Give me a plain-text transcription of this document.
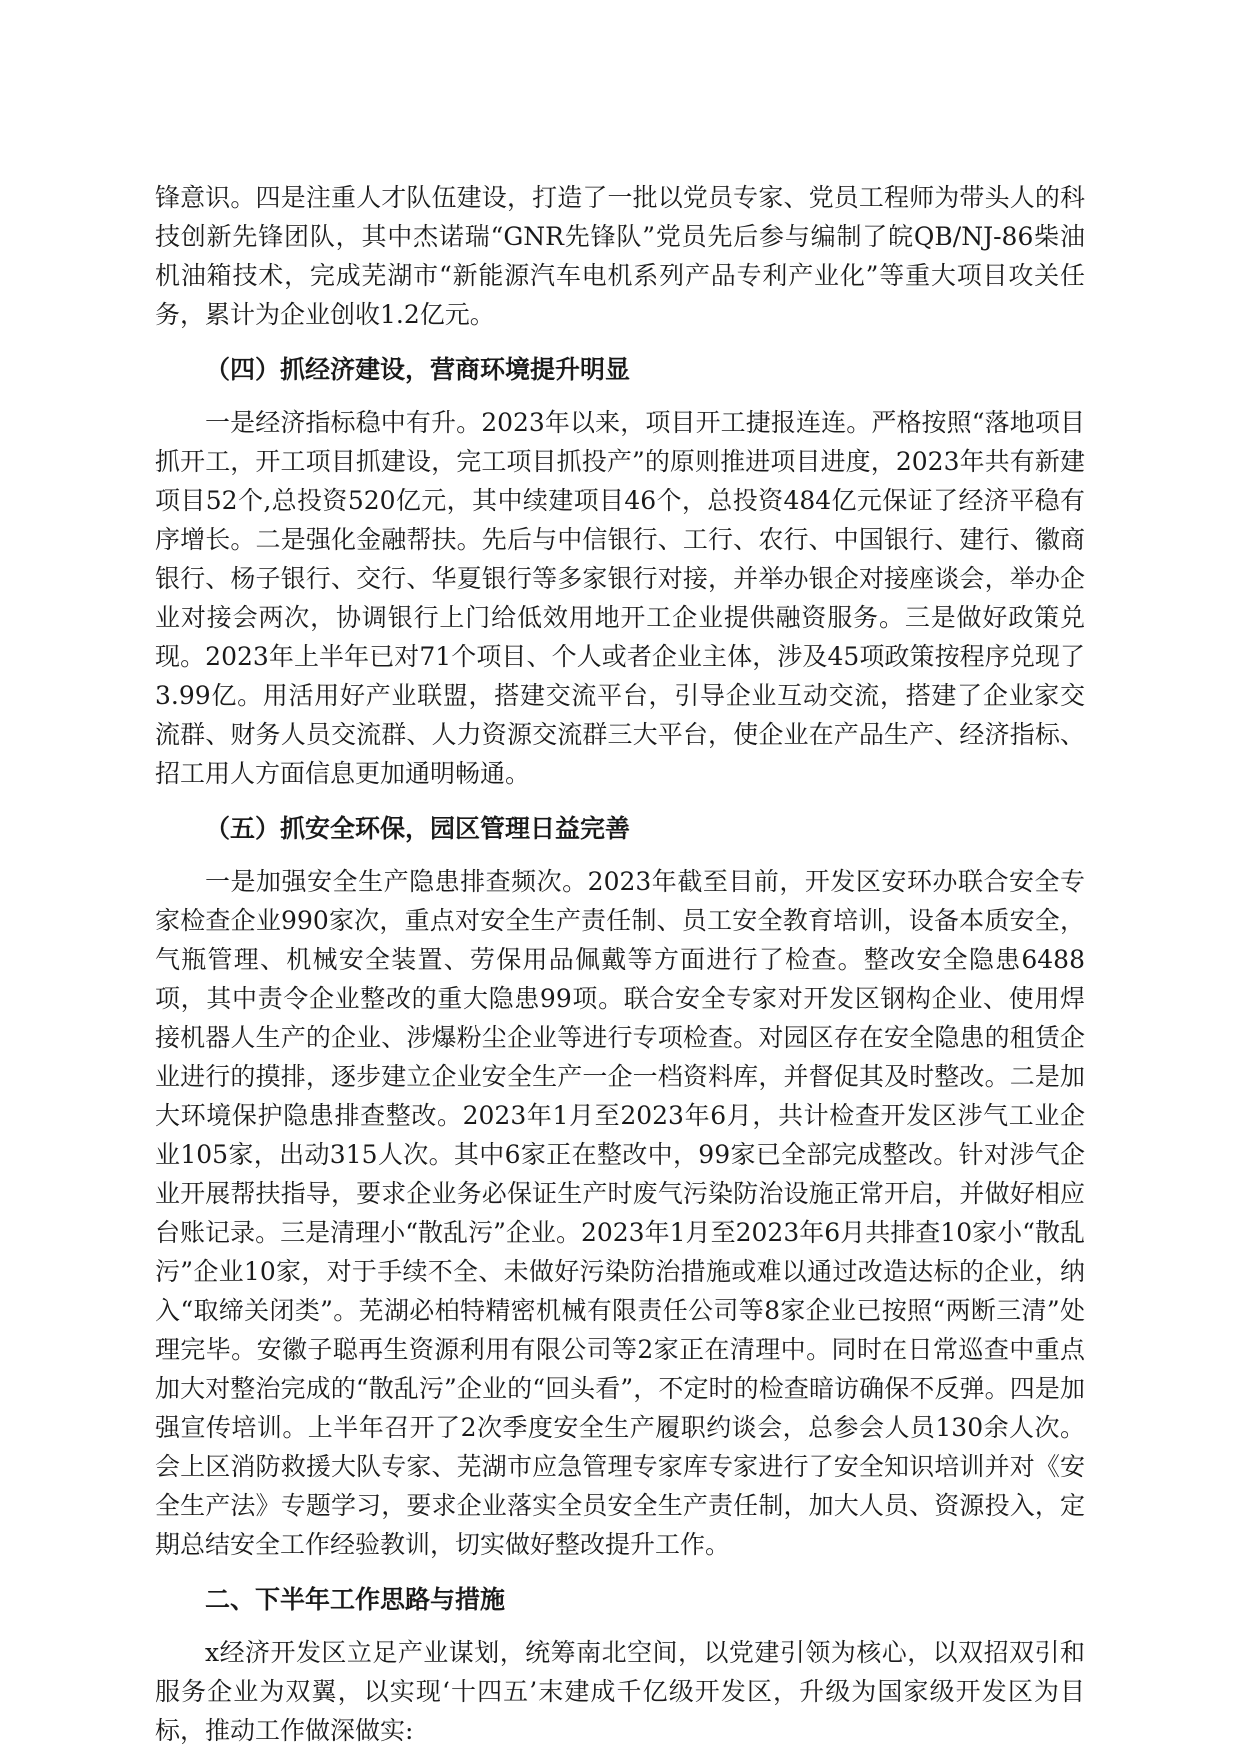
锋意识。四是注重人才队伍建设，打造了一批以党员专家、党员工程师为带头人的科技创新先锋团队，其中杰诺瑞“GNR先锋队”党员先后参与编制了皖QB/NJ-86柴油机油箱技术，完成芜湖市“新能源汽车电机系列产品专利产业化”等重大项目攻关任务，累计为企业创收1.2亿元。

（四）抓经济建设，营商环境提升明显

一是经济指标稳中有升。2023年以来，项目开工捷报连连。严格按照“落地项目抓开工，开工项目抓建设，完工项目抓投产”的原则推进项目进度，2023年共有新建项目52个,总投资520亿元，其中续建项目46个，总投资484亿元保证了经济平稳有序增长。二是强化金融帮扶。先后与中信银行、工行、农行、中国银行、建行、徽商银行、杨子银行、交行、华夏银行等多家银行对接，并举办银企对接座谈会，举办企业对接会两次，协调银行上门给低效用地开工企业提供融资服务。三是做好政策兑现。2023年上半年已对71个项目、个人或者企业主体，涉及45项政策按程序兑现了3.99亿。用活用好产业联盟，搭建交流平台，引导企业互动交流，搭建了企业家交流群、财务人员交流群、人力资源交流群三大平台，使企业在产品生产、经济指标、招工用人方面信息更加通明畅通。

（五）抓安全环保，园区管理日益完善

一是加强安全生产隐患排查频次。2023年截至目前，开发区安环办联合安全专家检查企业990家次，重点对安全生产责任制、员工安全教育培训，设备本质安全，气瓶管理、机械安全装置、劳保用品佩戴等方面进行了检查。整改安全隐患6488项，其中责令企业整改的重大隐患99项。联合安全专家对开发区钢构企业、使用焊接机器人生产的企业、涉爆粉尘企业等进行专项检查。对园区存在安全隐患的租赁企业进行的摸排，逐步建立企业安全生产一企一档资料库，并督促其及时整改。二是加大环境保护隐患排查整改。2023年1月至2023年6月，共计检查开发区涉气工业企业105家，出动315人次。其中6家正在整改中，99家已全部完成整改。针对涉气企业开展帮扶指导，要求企业务必保证生产时废气污染防治设施正常开启，并做好相应台账记录。三是清理小“散乱污”企业。2023年1月至2023年6月共排查10家小“散乱污”企业10家，对于手续不全、未做好污染防治措施或难以通过改造达标的企业，纳入“取缔关闭类”。芜湖必柏特精密机械有限责任公司等8家企业已按照“两断三清”处理完毕。安徽子聪再生资源利用有限公司等2家正在清理中。同时在日常巡查中重点加大对整治完成的“散乱污”企业的“回头看”，不定时的检查暗访确保不反弹。四是加强宣传培训。上半年召开了2次季度安全生产履职约谈会，总参会人员130余人次。会上区消防救援大队专家、芜湖市应急管理专家库专家进行了安全知识培训并对《安全生产法》专题学习，要求企业落实全员安全生产责任制，加大人员、资源投入，定期总结安全工作经验教训，切实做好整改提升工作。

二、下半年工作思路与措施

x经济开发区立足产业谋划，统筹南北空间，以党建引领为核心，以双招双引和服务企业为双翼，以实现‘十四五’末建成千亿级开发区，升级为国家级开发区为目标，推动工作做深做实:
